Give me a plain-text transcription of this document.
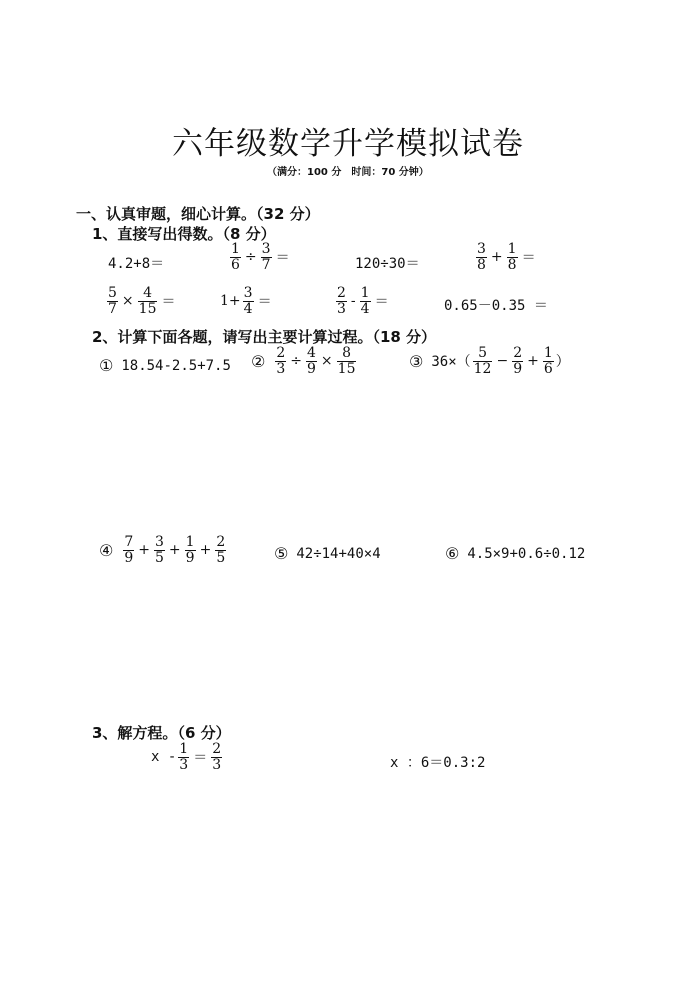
六年级数学升学模拟试卷
（满分：100 分　时间：70 分钟）
一、认真审题，细心计算。（32 分）
1、直接写出得数。（8 分）
4.2+8＝	$\frac{1}{6} \div \frac{3}{7}$ ＝	120÷30＝	$\frac{3}{8} + \frac{1}{8}$ ＝
$\frac{5}{7} \times \frac{4}{15}$ ＝	$1+ \frac{3}{4}$ ＝	$\frac{2}{3} - \frac{1}{4}$ ＝	0.65－0.35 ＝
2、计算下面各题，请写出主要计算过程。（18 分）
① 18.54-2.5+7.5 ② $\frac{2}{3} \div \frac{4}{9} \times \frac{8}{15}$	③ $36\times( \frac{5}{12} - \frac{2}{9} + \frac{1}{6}$ ）
④ $\frac{7}{9} + \frac{3}{5} + \frac{1}{9} + \frac{2}{5}$	⑤ 42÷14+40×4	⑥ 4.5×9+0.6÷0.12
3、解方程。（6 分）
$x - \frac{1}{3} = \frac{2}{3}$	x ：6＝0.3:2
